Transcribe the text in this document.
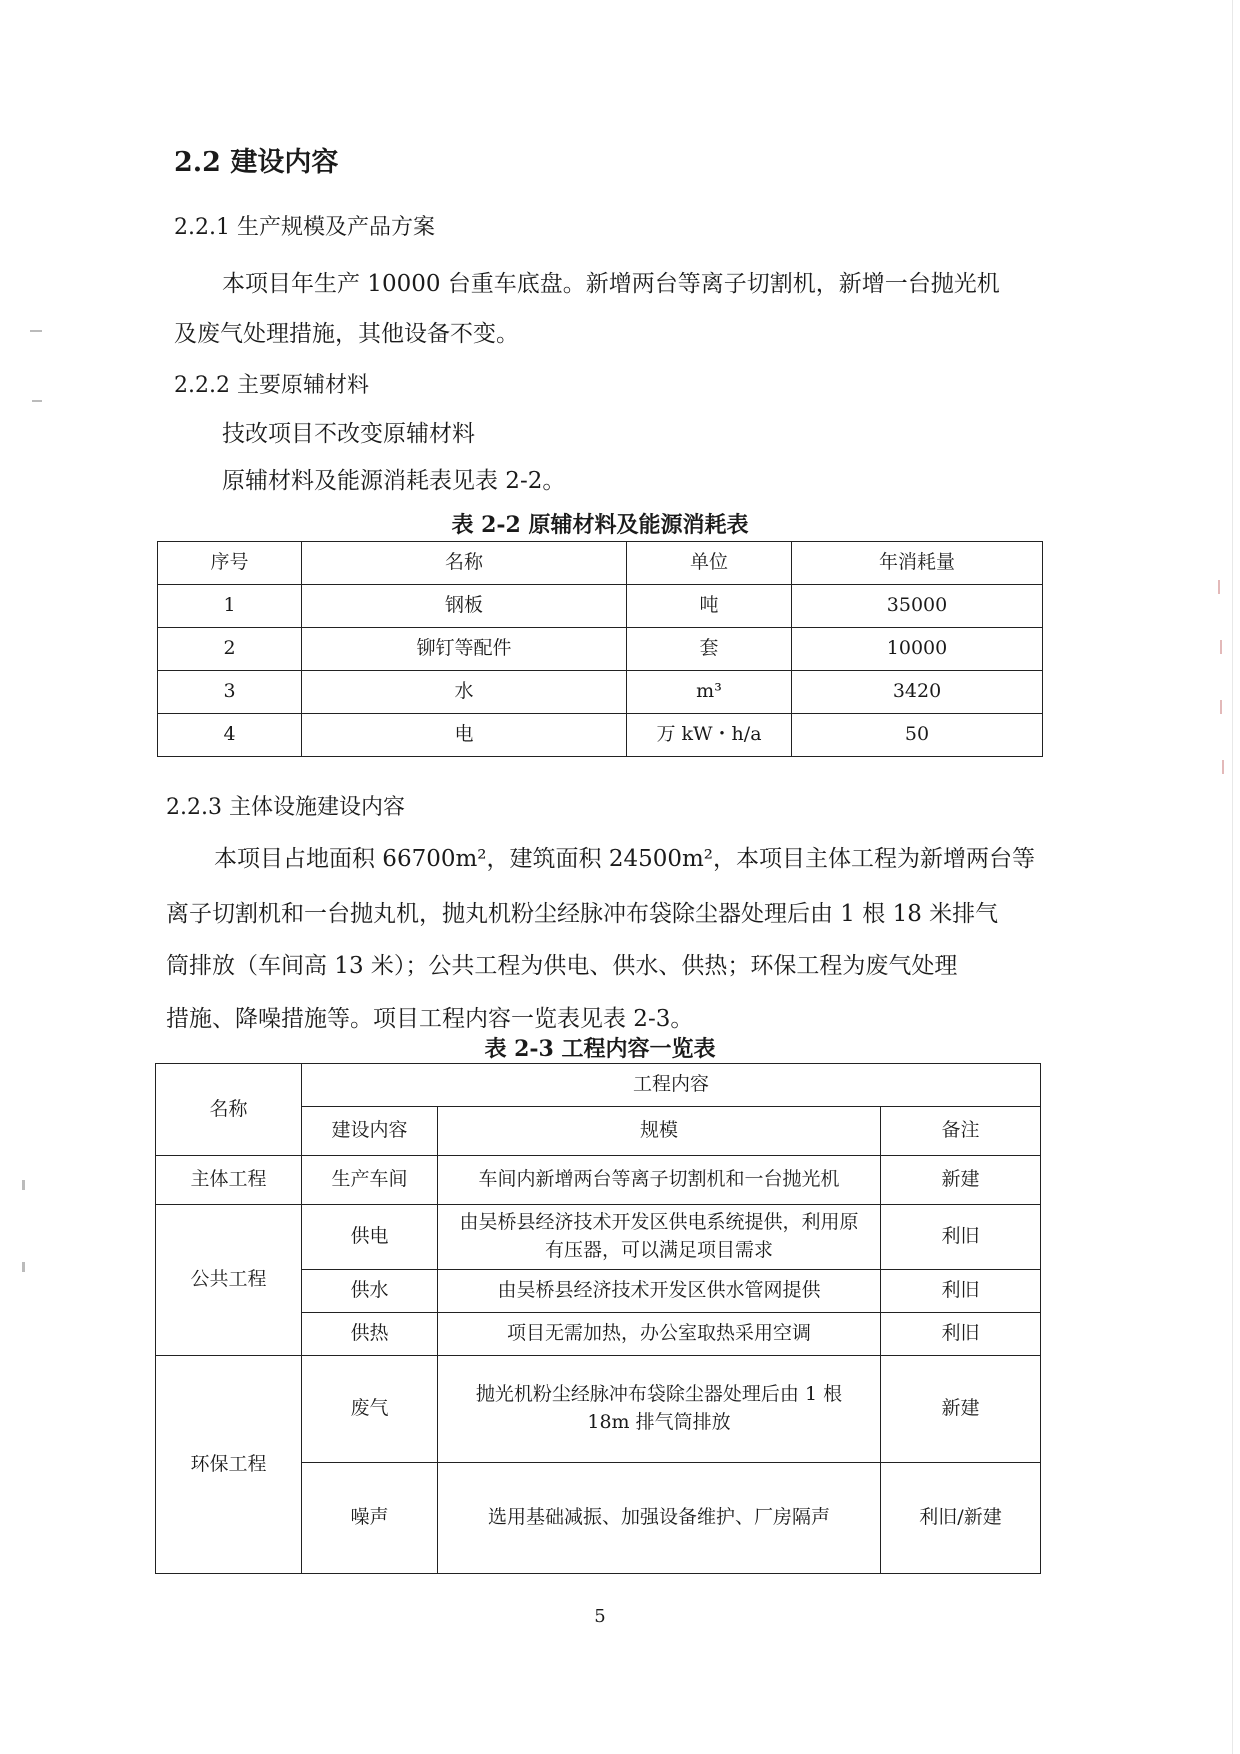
2.2 建设内容
2.2.1 生产规模及产品方案
本项目年生产 10000 台重车底盘。新增两台等离子切割机，新增一台抛光机
及废气处理措施，其他设备不变。
2.2.2 主要原辅材料
技改项目不改变原辅材料
原辅材料及能源消耗表见表 2-2。
表 2-2 原辅材料及能源消耗表
序号	名称	单位	年消耗量
1	钢板	吨	35000
2	铆钉等配件	套	10000
3	水	m³	3420
4	电	万 kW・h/a	50
2.2.3 主体设施建设内容
本项目占地面积 66700m²，建筑面积 24500m²，本项目主体工程为新增两台等
离子切割机和一台抛丸机，抛丸机粉尘经脉冲布袋除尘器处理后由 1 根 18 米排气
筒排放（车间高 13 米）；公共工程为供电、供水、供热；环保工程为废气处理
措施、降噪措施等。项目工程内容一览表见表 2-3。
表 2-3 工程内容一览表
名称	工程内容		
	建设内容	规模	备注
主体工程	生产车间	车间内新增两台等离子切割机和一台抛光机	新建
公共工程	供电	由吴桥县经济技术开发区供电系统提供，利用原有压器，可以满足项目需求	利旧
	供水	由吴桥县经济技术开发区供水管网提供	利旧
	供热	项目无需加热，办公室取热采用空调	利旧
环保工程	废气	抛光机粉尘经脉冲布袋除尘器处理后由 1 根 18m 排气筒排放	新建
	噪声	选用基础减振、加强设备维护、厂房隔声	利旧/新建
5
